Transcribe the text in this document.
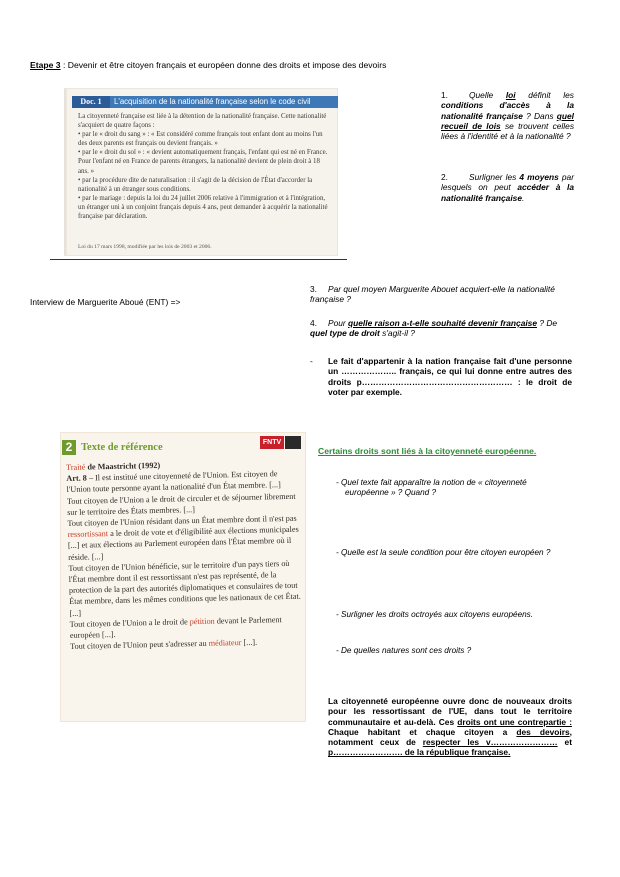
Etape 3 : Devenir et être citoyen français et européen donne des droits et impose des devoirs
Doc. 1	L'acquisition de la nationalité française selon le code civil

La citoyenneté française est liée à la détention de la nationalité française. Cette nationalité s'acquiert de quatre façons :

• par le « droit du sang » : « Est considéré comme français tout enfant dont au moins l'un des deux parents est français ou devient français. »

• par le « droit du sol » : « devient automatiquement français, l'enfant qui est né en France. Pour l'enfant né en France de parents étrangers, la nationalité devient de plein droit à 18 ans. »

• par la procédure dite de naturalisation : il s'agit de la décision de l'État d'accorder la nationalité à un étranger sous conditions.

• par le mariage : depuis la loi du 24 juillet 2006 relative à l'immigration et à l'intégration, un étranger uni à un conjoint français depuis 4 ans, peut demander à acquérir la nationalité française par déclaration.

Loi du 17 mars 1998, modifiée par les lois de 2003 et 2006.
1.	Quelle loi définit les conditions d'accès à la nationalité française ? Dans quel recueil de lois se trouvent celles liées à l'identité et à la nationalité ?
2.	Surligner les 4 moyens par lesquels on peut accéder à la nationalité française.
Interview de Marguerite Aboué (ENT) =>
3. Par quel moyen Marguerite Abouet acquiert-elle la nationalité française ?
4. Pour quelle raison a-t-elle souhaité devenir française ? De quel type de droit s'agit-il ?
-	Le fait d'appartenir à la nation française fait d'une personne un ……………….. français, ce qui lui donne entre autres des droits p……………………………………………… : le droit de voter par exemple.
2 Texte de référence	FNTV

Traité de Maastricht (1992)

Art. 8 – Il est institué une citoyenneté de l'Union. Est citoyen de l'Union toute personne ayant la nationalité d'un État membre. [...]

Tout citoyen de l'Union a le droit de circuler et de séjourner librement sur le territoire des États membres. [...]

Tout citoyen de l'Union résidant dans un État membre dont il n'est pas ressortissant a le droit de vote et d'éligibilité aux élections municipales [...] et aux élections au Parlement européen dans l'État membre où il réside. [...]

Tout citoyen de l'Union bénéficie, sur le territoire d'un pays tiers où l'État membre dont il est ressortissant n'est pas représenté, de la protection de la part des autorités diplomatiques et consulaires de tout État membre, dans les mêmes conditions que les nationaux de cet État. [...]

Tout citoyen de l'Union a le droit de pétition devant le Parlement européen [...].

Tout citoyen de l'Union peut s'adresser au médiateur [...].

Certains droits sont liés à la citoyenneté européenne.
- Quel texte fait apparaître la notion de « citoyenneté européenne » ? Quand ?
- Quelle est la seule condition pour être citoyen européen ?
- Surligner les droits octroyés aux citoyens européens.
- De quelles natures sont ces droits ?
La citoyenneté européenne ouvre donc de nouveaux droits pour les ressortissant de l'UE, dans tout le territoire communautaire et au-delà. Ces droits ont une contrepartie : Chaque habitant et chaque citoyen a des devoirs, notamment ceux de respecter les v…………………… et p……………………. de la république française.
